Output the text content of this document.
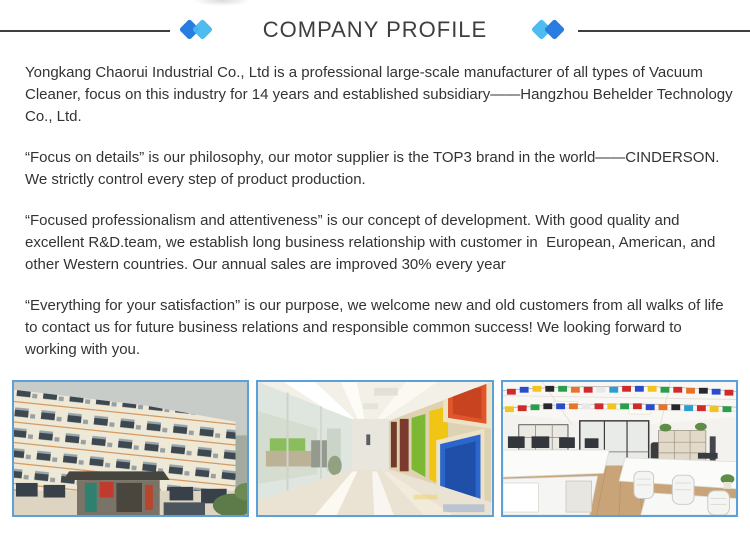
COMPANY PROFILE

Yongkang Chaorui Industrial Co., Ltd is a professional large-scale manufacturer of all types of Vacuum Cleaner, focus on this industry for 14 years and established subsidiary——Hangzhou Behelder Technology Co., Ltd.

“Focus on details” is our philosophy, our motor supplier is the TOP3 brand in the world——CINDERSON. We strictly control every step of product production.

“Focused professionalism and attentiveness” is our concept of development. With good quality and excellent R&D.team, we establish long business relationship with customer in  European, American, and other Western countries. Our annual sales are improved 30% every year

“Everything for your satisfaction” is our purpose, we welcome new and old customers from all walks of life to contact us for future business relations and responsible common success! We looking forward to working with you.
